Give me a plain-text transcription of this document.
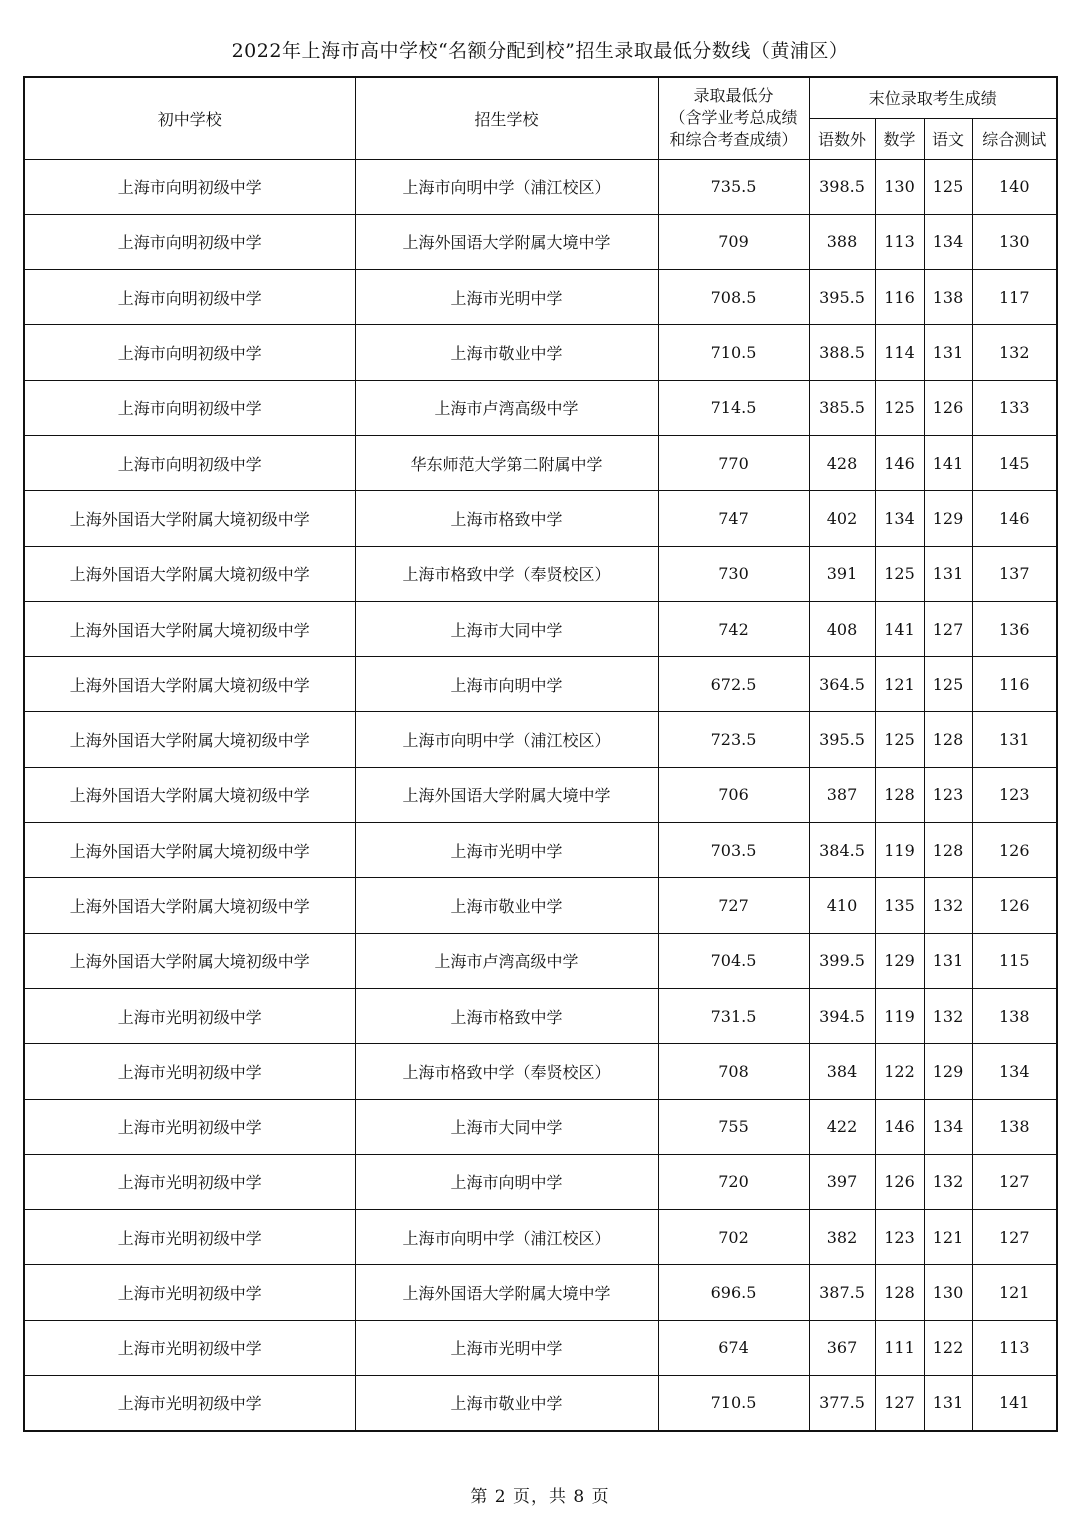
2022年上海市高中学校“名额分配到校”招生录取最低分数线（黄浦区）
初中学校	招生学校	录取最低分
（含学业考总成绩
和综合考查成绩）	末位录取考生成绩			
			语数外	数学	语文	综合测试
上海市向明初级中学	上海市向明中学（浦江校区）	735.5	398.5	130	125	140
上海市向明初级中学	上海外国语大学附属大境中学	709	388	113	134	130
上海市向明初级中学	上海市光明中学	708.5	395.5	116	138	117
上海市向明初级中学	上海市敬业中学	710.5	388.5	114	131	132
上海市向明初级中学	上海市卢湾高级中学	714.5	385.5	125	126	133
上海市向明初级中学	华东师范大学第二附属中学	770	428	146	141	145
上海外国语大学附属大境初级中学	上海市格致中学	747	402	134	129	146
上海外国语大学附属大境初级中学	上海市格致中学（奉贤校区）	730	391	125	131	137
上海外国语大学附属大境初级中学	上海市大同中学	742	408	141	127	136
上海外国语大学附属大境初级中学	上海市向明中学	672.5	364.5	121	125	116
上海外国语大学附属大境初级中学	上海市向明中学（浦江校区）	723.5	395.5	125	128	131
上海外国语大学附属大境初级中学	上海外国语大学附属大境中学	706	387	128	123	123
上海外国语大学附属大境初级中学	上海市光明中学	703.5	384.5	119	128	126
上海外国语大学附属大境初级中学	上海市敬业中学	727	410	135	132	126
上海外国语大学附属大境初级中学	上海市卢湾高级中学	704.5	399.5	129	131	115
上海市光明初级中学	上海市格致中学	731.5	394.5	119	132	138
上海市光明初级中学	上海市格致中学（奉贤校区）	708	384	122	129	134
上海市光明初级中学	上海市大同中学	755	422	146	134	138
上海市光明初级中学	上海市向明中学	720	397	126	132	127
上海市光明初级中学	上海市向明中学（浦江校区）	702	382	123	121	127
上海市光明初级中学	上海外国语大学附属大境中学	696.5	387.5	128	130	121
上海市光明初级中学	上海市光明中学	674	367	111	122	113
上海市光明初级中学	上海市敬业中学	710.5	377.5	127	131	141
第 2 页，共 8 页
